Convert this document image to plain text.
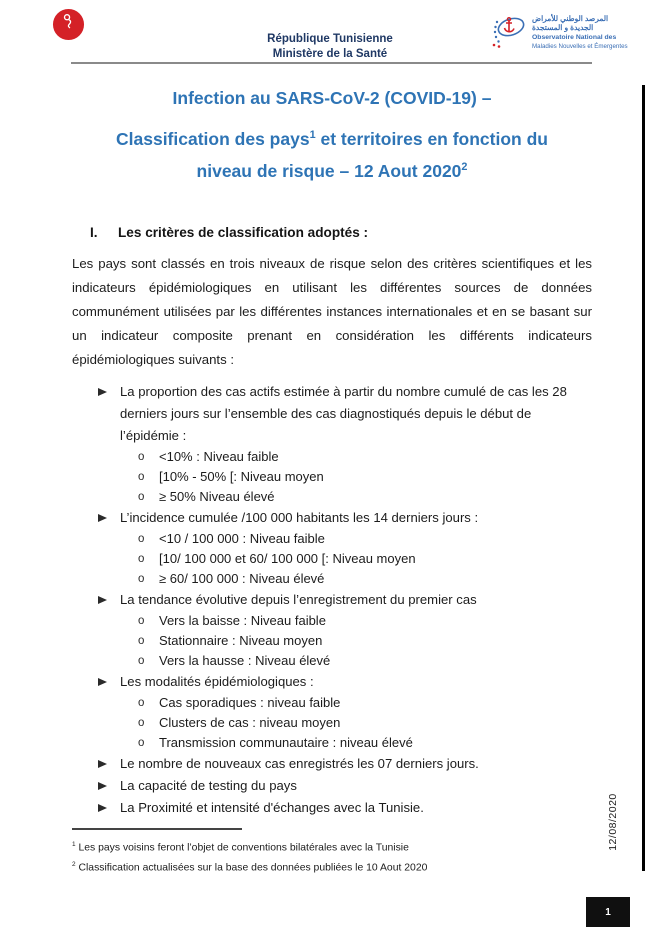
République Tunisienne
Ministère de la Santé
المرصد الوطني للأمراض
الجديدة و المستجدة
Observatoire National des
Maladies Nouvelles et Émergentes
12/08/2020
1
Infection au SARS-CoV-2 (COVID-19) –
Classification des pays$^1$ et territoires en fonction du
niveau de risque – 12 Aout 2020$^2$
I.	Les critères de classification adoptés :
Les pays sont classés en trois niveaux de risque selon des critères scientifiques et les indicateurs épidémiologiques en utilisant les différentes sources de données communément utilisées par les différentes instances internationales et en se basant sur un indicateur composite prenant en considération les différents indicateurs épidémiologiques suivants :
La proportion des cas actifs estimée à partir du nombre cumulé de cas les 28 derniers jours sur l’ensemble des cas diagnostiqués depuis le début de l’épidémie :
o	<10% : Niveau faible
o	[10% - 50% [: Niveau moyen
o	≥ 50% Niveau élevé
L’incidence cumulée /100 000 habitants les 14 derniers jours :
o	<10 / 100 000 : Niveau faible
o	[10/ 100 000 et 60/ 100 000 [: Niveau moyen
o	≥ 60/ 100 000 : Niveau élevé
La tendance évolutive depuis l’enregistrement du premier cas
o	Vers la baisse : Niveau faible
o	Stationnaire : Niveau moyen
o	Vers la hausse : Niveau élevé
Les modalités épidémiologiques :
o	Cas sporadiques : niveau faible
o	Clusters de cas : niveau moyen
o	Transmission communautaire : niveau élevé
Le nombre de nouveaux cas enregistrés les 07 derniers jours.
La capacité de testing du pays
La Proximité et intensité d'échanges avec la Tunisie.
$^1$ Les pays voisins feront l’objet de conventions bilatérales avec la Tunisie
$^2$ Classification actualisées sur la base des données publiées le 10 Aout 2020
